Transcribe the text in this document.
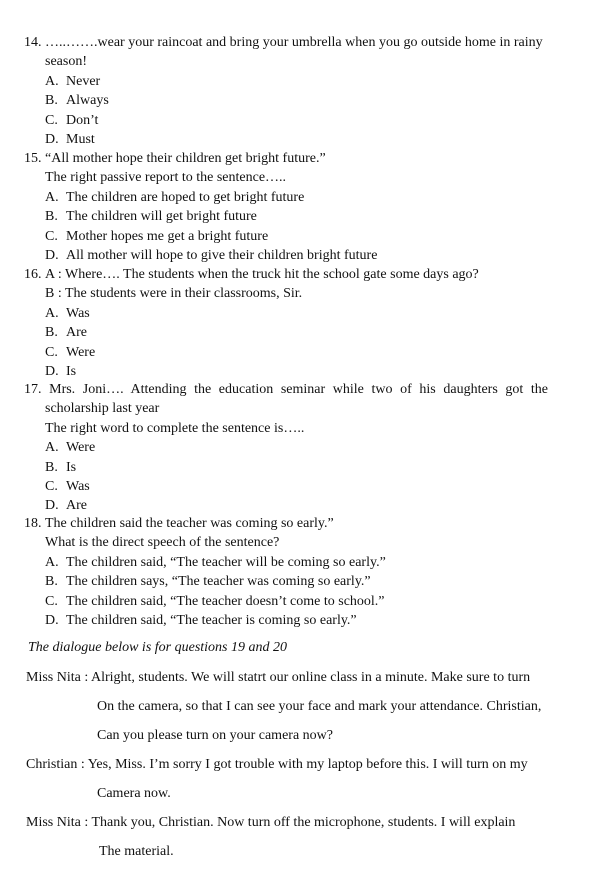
14. …..…….wear your raincoat and bring your umbrella when you go outside home in rainy
season!
A. Never
B. Always
C. Don’t
D. Must
15. “All mother hope their children get bright future.”
The right passive report to the sentence…..
A. The children are hoped to get bright future
B. The children will get bright future
C. Mother hopes me get a bright future
D. All mother will hope to give their children bright future
16. A : Where…. The students when the truck hit the school gate some days ago?
B : The students were in their classrooms, Sir.
A. Was
B. Are
C. Were
D. Is
17. Mrs. Joni…. Attending the education seminar while two of his daughters got the
scholarship last year
The right word to complete the sentence is…..
A. Were
B. Is
C. Was
D. Are
18. The children said the teacher was coming so early.”
What is the direct speech of the sentence?
A. The children said, “The teacher will be coming so early.”
B. The children says, “The teacher was coming so early.”
C. The children said, “The teacher doesn’t come to school.”
D. The children said, “The teacher is coming so early.”
The dialogue below is for questions 19 and 20
Miss Nita : Alright, students. We will statrt our online class in a minute. Make sure to turn
On the camera, so that I can see your face and mark your attendance. Christian,
Can you please turn on your camera now?
Christian : Yes, Miss. I’m sorry I got trouble with my laptop before this. I will turn on my
Camera now.
Miss Nita : Thank you, Christian. Now turn off the microphone, students. I will explain
The material.
